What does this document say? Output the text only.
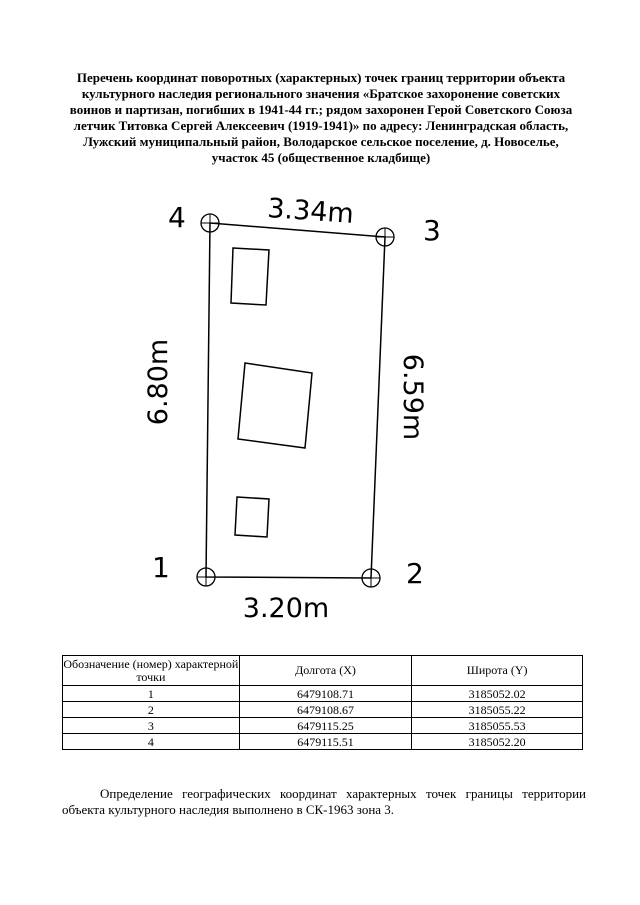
Перечень координат поворотных (характерных) точек границ территории объекта культурного наследия регионального значения «Братское захоронение советских воинов и партизан, погибших в 1941-44 гг.; рядом захоронен Герой Советского Союза летчик Титовка Сергей Алексеевич (1919-1941)» по адресу: Ленинградская область, Лужский муниципальный район, Володарское сельское поселение, д. Новоселье, участок 45 (общественное кладбище)
4	3
2
1
3.34m
3.20m
6.80m	6.59m
Обозначение (номер) характерной точки	Долгота (X)	Широта (Y)
1	6479108.71	3185052.02
2	6479108.67	3185055.22
3	6479115.25	3185055.53
4	6479115.51	3185052.20

Определение географических координат характерных точек границы территории объекта культурного наследия выполнено в СК-1963 зона 3.
